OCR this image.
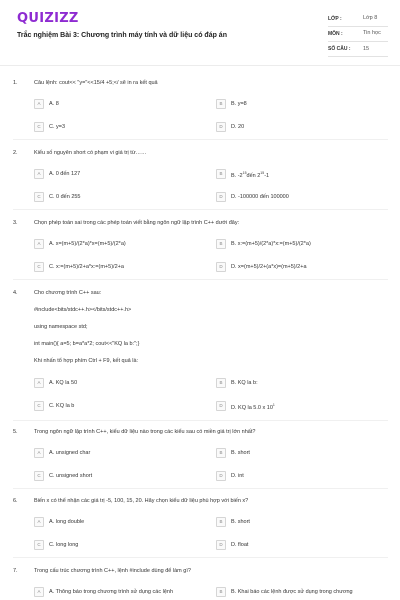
QUIZIZZ
Trắc nghiệm Bài 3: Chương trình máy tính và dữ liệu có đáp án
LỚP :	Lớp 8
MÔN :	Tin học
SỐ CÂU : 15
1.	Câu lệnh: cout<< "y="<<15/4 +5;</ sẽ in ra kết quả
A	A. 8	B	B. y=8
C	C. y=3	D	D. 20
2.	Kiểu số nguyên short có phạm vi giá trị từ……
A	A. 0 đến 127	B	B. $-2^{15}đến$ $2^{15}-1$
C	C. 0 đến 255	D	D. -100000 đến 100000
3.	Chọn phép toán sai trong các phép toán viết bằng ngôn ngữ lập trình C++ dưới đây:
A	A. x=(m+5)/(2*a)*x=(m+5)/(2*a)	B	B. x:=(m+5)/(2*a)*x:=(m+5)/(2*a)
C	C. x:=(m+5)/2+a*x:=(m+5)/2+a	D	D. x=(m+5)/2+(a*x)=(m+5)/2+a
4.	Cho chương trình C++ sau:
#include<bits/stdc++.h></bits/stdc++.h>
using namespace std;
int main(){ a=5; b=a*a*2; cout<<"KQ la b:";}
Khi nhấn tổ hợp phím Ctrl + F9, kết quả là:
A	A. KQ la 50	B	B. KQ la b:
C	C. KQ la b	D	D. KQ la 5.0 x $10^1$
5.	Trong ngôn ngữ lập trình C++, kiểu dữ liệu nào trong các kiểu sau có miền giá trị lớn nhất?
A	A. unsigned char	B	B. short
C	C. unsigned short	D	D. int
6.	Biến x có thể nhận các giá trị -5, 100, 15, 20. Hãy chọn kiểu dữ liệu phù hợp với biến x?
A	A. long double	B	B. short
C	C. long long	D	D. float
7.	Trong cấu trúc chương trình C++, lệnh #include dùng để làm gì?
A	A. Thông báo trong chương trình sử dụng các lệnh	B	B. Khai báo các lệnh được sử dụng trong chương
